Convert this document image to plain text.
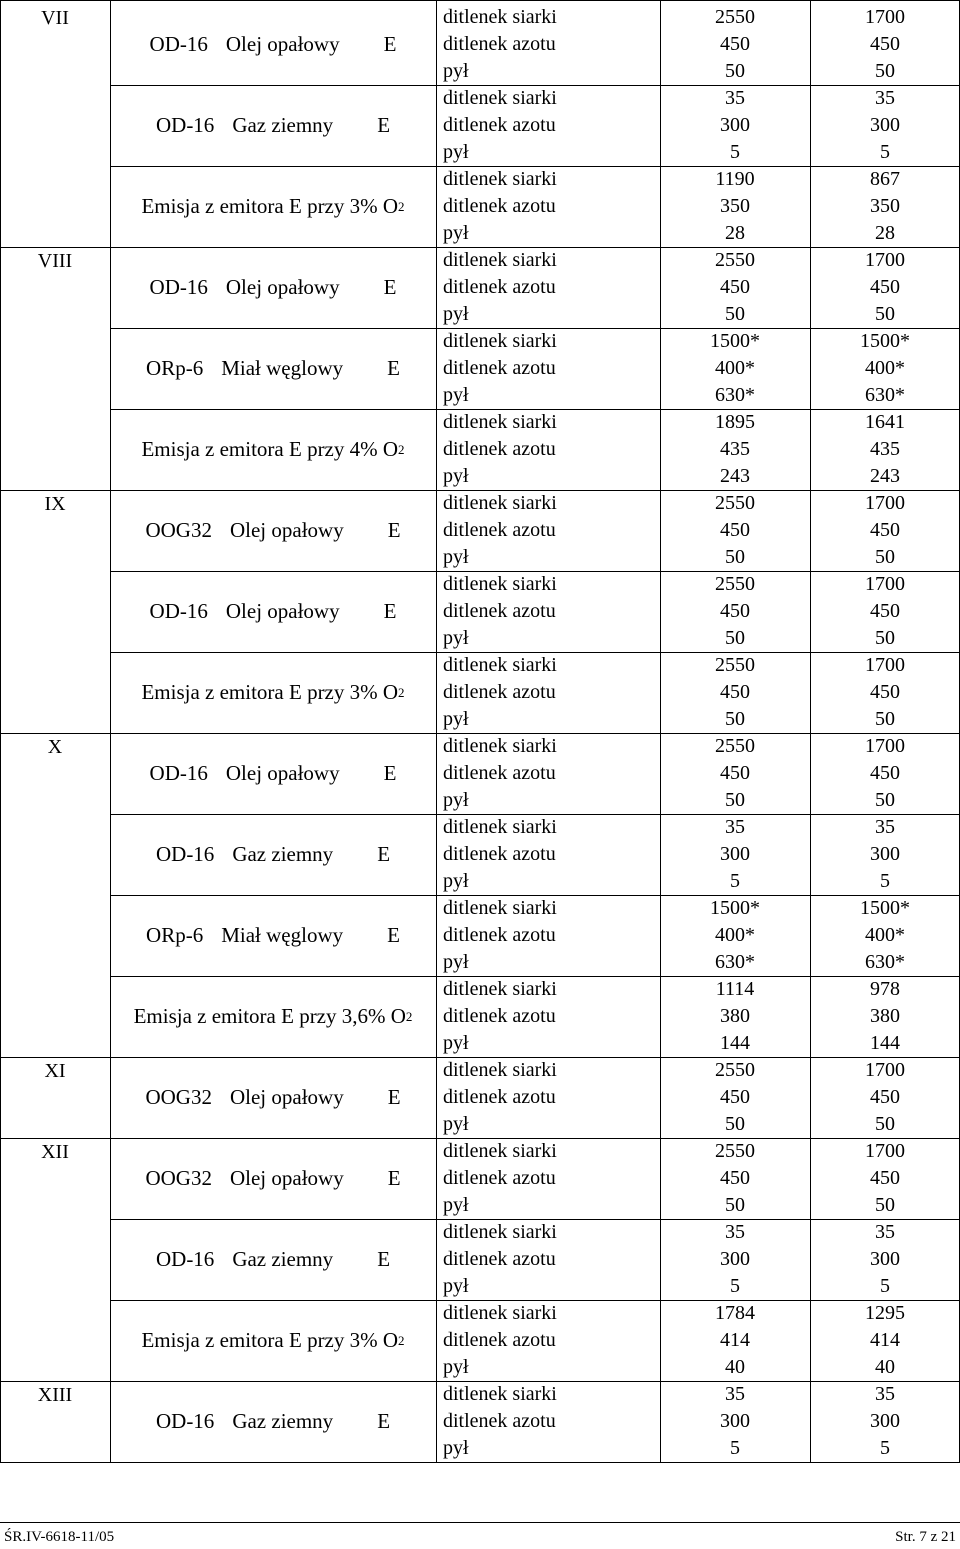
OD-16 Olej opałowy E
ditlenek siarki
ditlenek azotu
pył
2550
450
50
1700
450
50
OD-16 Gaz ziemny E
ditlenek siarki
ditlenek azotu
pył
35
300
5
35
300
5
Emisja z emitora E przy 3% O 2
ditlenek siarki
ditlenek azotu
pył
1190
350
28
867
350
28
OD-16 Olej opałowy E
ditlenek siarki
ditlenek azotu
pył
2550
450
50
1700
450
50
ORp-6 Miał węglowy E
ditlenek siarki
ditlenek azotu
pył
1500*
400*
630*
1500*
400*
630*
Emisja z emitora E przy 4% O 2
ditlenek siarki
ditlenek azotu
pył
1895
435
243
1641
435
243
OOG32 Olej opałowy E
ditlenek siarki
ditlenek azotu
pył
2550
450
50
1700
450
50
OD-16 Olej opałowy E
ditlenek siarki
ditlenek azotu
pył
2550
450
50
1700
450
50
Emisja z emitora E przy 3% O 2
ditlenek siarki
ditlenek azotu
pył
2550
450
50
1700
450
50
OD-16 Olej opałowy E
ditlenek siarki
ditlenek azotu
pył
2550
450
50
1700
450
50
OD-16 Gaz ziemny E
ditlenek siarki
ditlenek azotu
pył
35
300
5
35
300
5
ORp-6 Miał węglowy E
ditlenek siarki
ditlenek azotu
pył
1500*
400*
630*
1500*
400*
630*
Emisja z emitora E przy 3,6% O 2
ditlenek siarki
ditlenek azotu
pył
1114
380
144
978
380
144
OOG32 Olej opałowy E
ditlenek siarki
ditlenek azotu
pył
2550
450
50
1700
450
50
OOG32 Olej opałowy E
ditlenek siarki
ditlenek azotu
pył
2550
450
50
1700
450
50
OD-16 Gaz ziemny E
ditlenek siarki
ditlenek azotu
pył
35
300
5
35
300
5
Emisja z emitora E przy 3% O 2
ditlenek siarki
ditlenek azotu
pył
1784
414
40
1295
414
40
OD-16 Gaz ziemny E
ditlenek siarki
ditlenek azotu
pył
35
300
5
35
300
5
VII
VIII
IX
X
XI
XII
XIII
ŚR.IV-6618-11/05	Str. 7 z 21
